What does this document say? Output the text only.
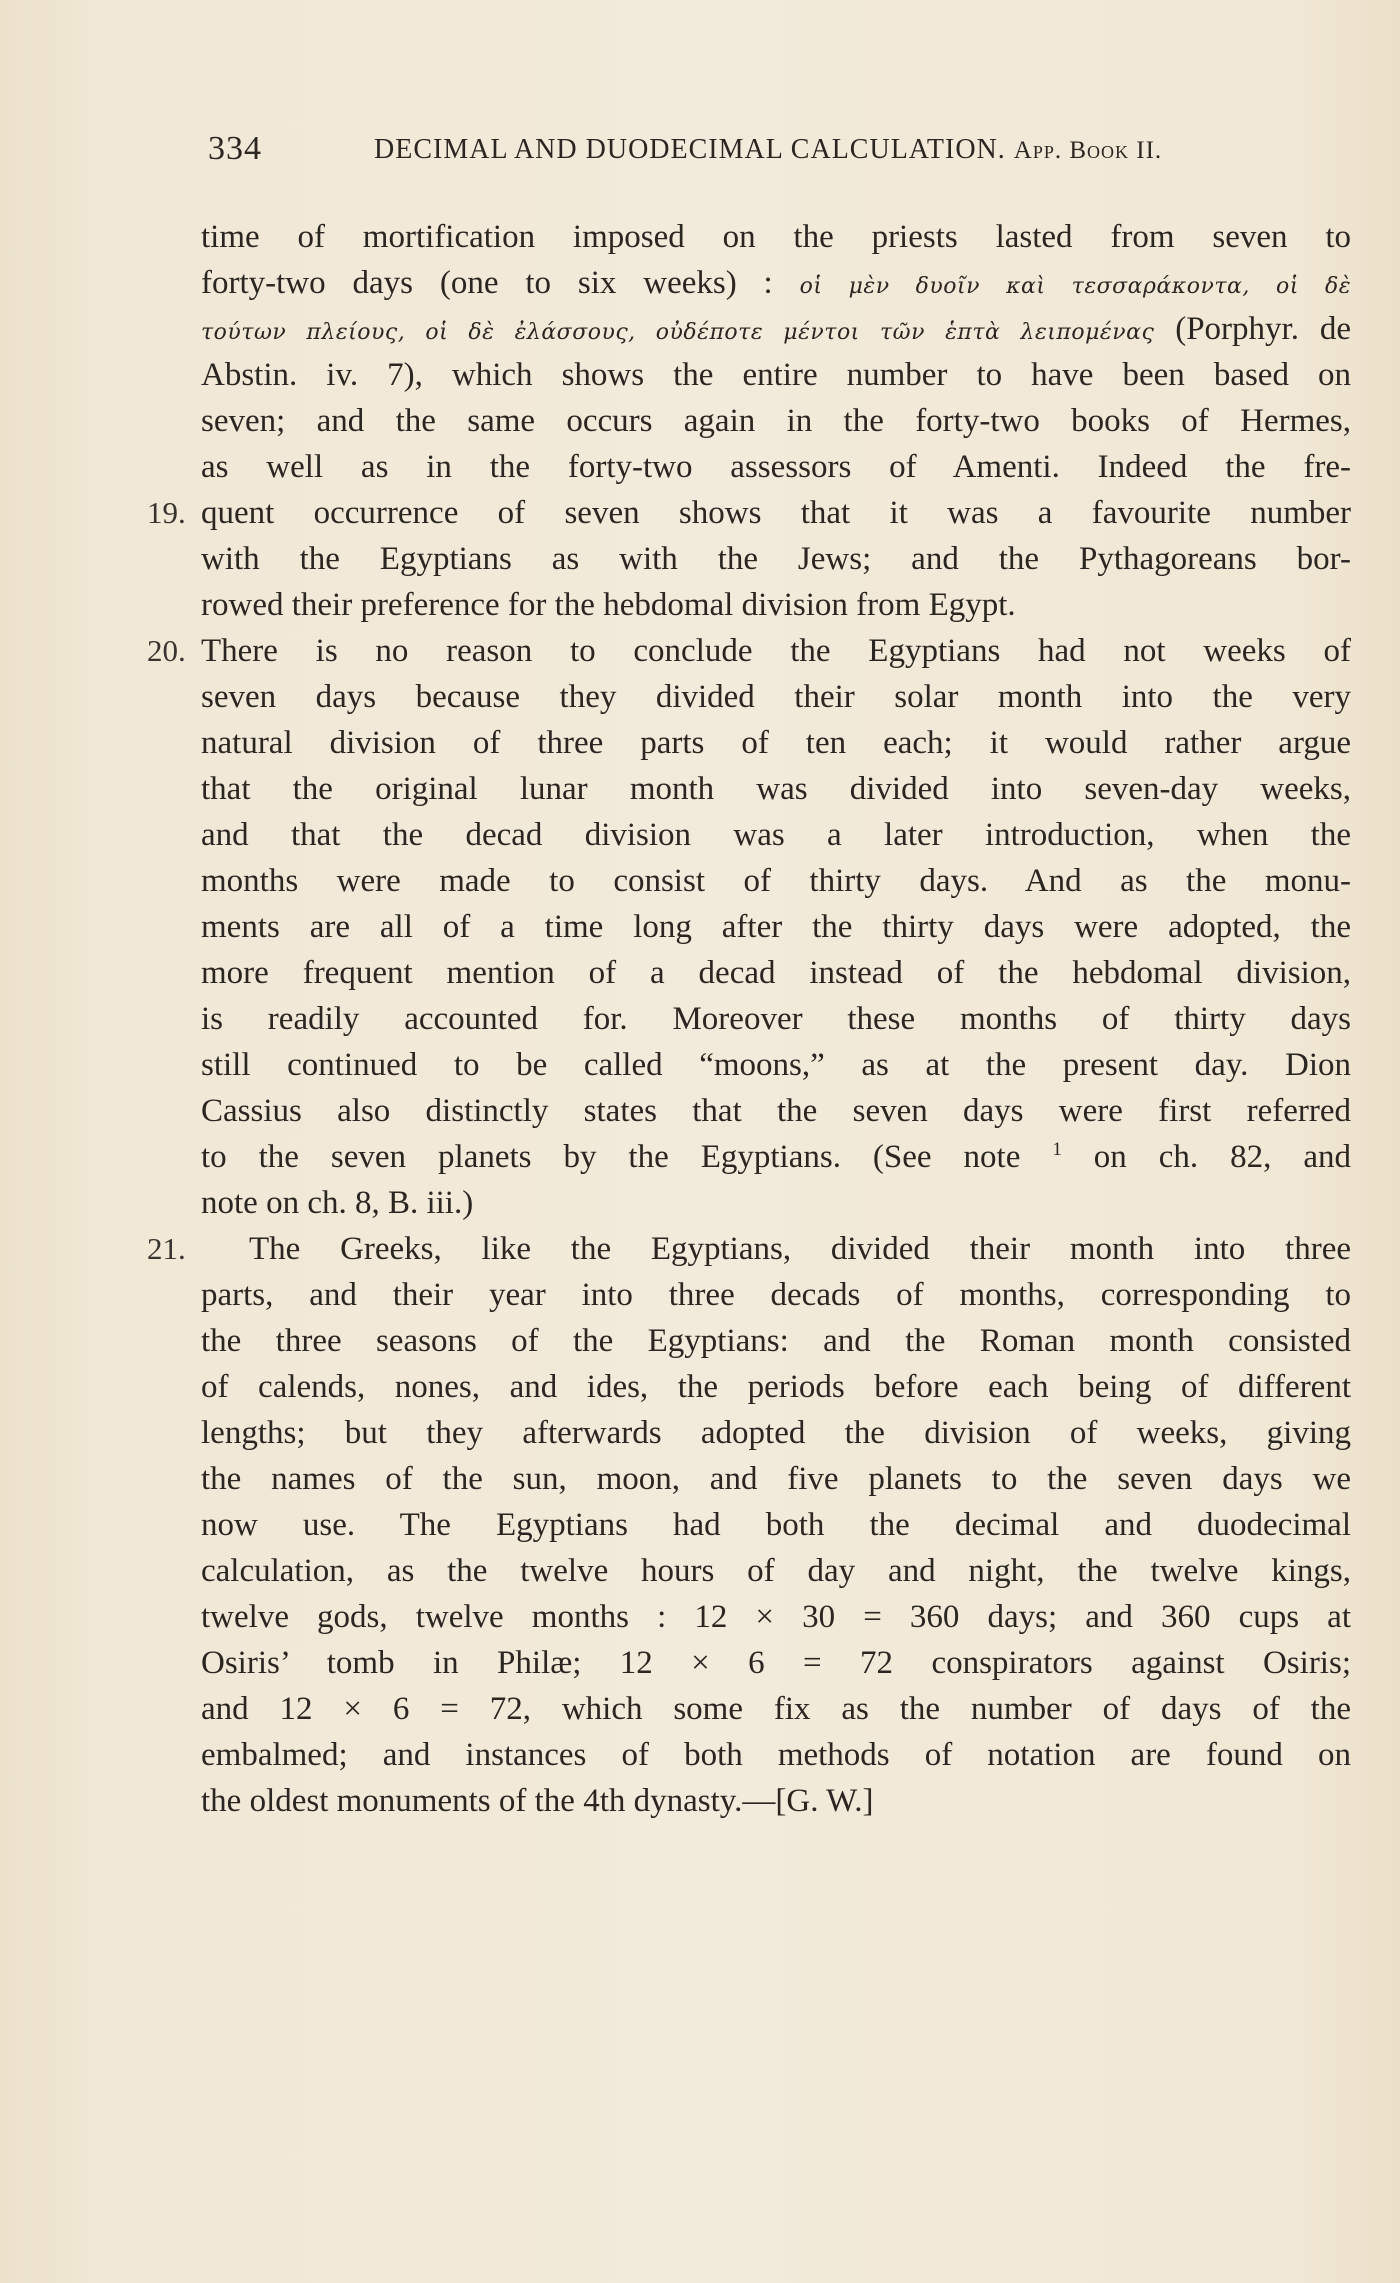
334	DECIMAL AND DUODECIMAL CALCULATION. App. Book II.
time of mortification imposed on the priests lasted from seven to
forty-two days (one to six weeks) : οἱ μὲν δυοῖν καὶ τεσσαράκοντα, οἱ δὲ
τούτων πλείους, οἱ δὲ ἐλάσσους, οὐδέποτε μέντοι τῶν ἑπτὰ λειπομένας (Porphyr. de
Abstin. iv. 7), which shows the entire number to have been based on
seven; and the same occurs again in the forty-two books of Hermes,
as well as in the forty-two assessors of Amenti. Indeed the fre-
19. quent occurrence of seven shows that it was a favourite number
with the Egyptians as with the Jews; and the Pythagoreans bor-
rowed their preference for the hebdomal division from Egypt.
20. There is no reason to conclude the Egyptians had not weeks of
seven days because they divided their solar month into the very
natural division of three parts of ten each; it would rather argue
that the original lunar month was divided into seven-day weeks,
and that the decad division was a later introduction, when the
months were made to consist of thirty days. And as the monu-
ments are all of a time long after the thirty days were adopted, the
more frequent mention of a decad instead of the hebdomal division,
is readily accounted for. Moreover these months of thirty days
still continued to be called “moons,” as at the present day. Dion
Cassius also distinctly states that the seven days were first referred
to the seven planets by the Egyptians. (See note $^1$ on ch. 82, and
note on ch. 8, B. iii.)
21. The Greeks, like the Egyptians, divided their month into three
parts, and their year into three decads of months, corresponding to
the three seasons of the Egyptians: and the Roman month consisted
of calends, nones, and ides, the periods before each being of different
lengths; but they afterwards adopted the division of weeks, giving
the names of the sun, moon, and five planets to the seven days we
now use. The Egyptians had both the decimal and duodecimal
calculation, as the twelve hours of day and night, the twelve kings,
twelve gods, twelve months : 12 × 30 = 360 days; and 360 cups at
Osiris’ tomb in Philæ; 12 × 6 = 72 conspirators against Osiris;
and 12 × 6 = 72, which some fix as the number of days of the
embalmed; and instances of both methods of notation are found on
the oldest monuments of the 4th dynasty.—[G. W.]
